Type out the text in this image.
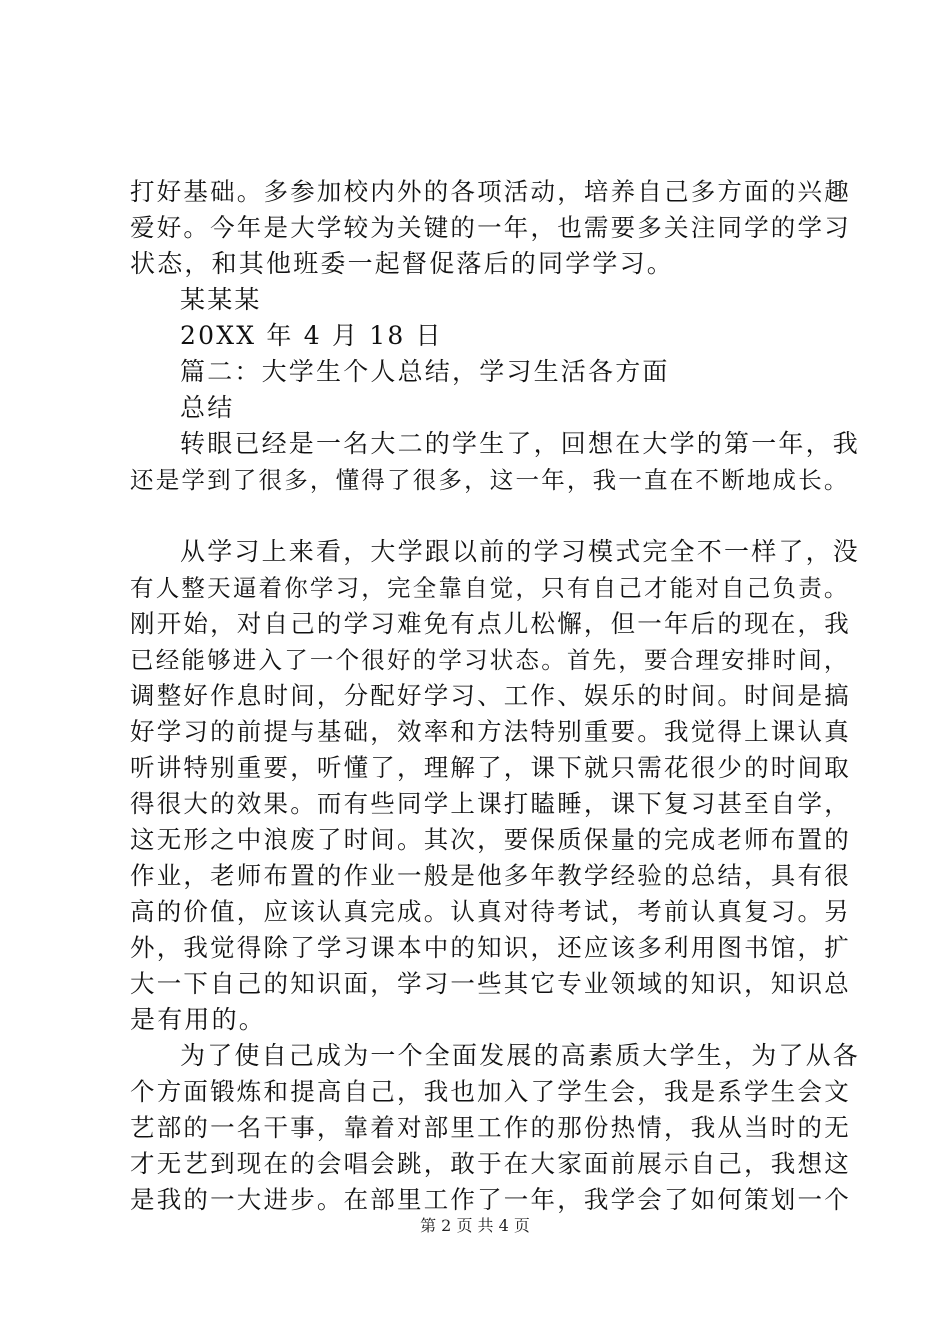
打好基础。多参加校内外的各项活动，培养自己多方面的兴趣
爱好。今年是大学较为关键的一年，也需要多关注同学的学习
状态，和其他班委一起督促落后的同学学习。
某某某
20XX 年 4 月 18 日
篇二：大学生个人总结，学习生活各方面
总结
转眼已经是一名大二的学生了，回想在大学的第一年，我
还是学到了很多，懂得了很多，这一年，我一直在不断地成长。
从学习上来看，大学跟以前的学习模式完全不一样了，没
有人整天逼着你学习，完全靠自觉，只有自己才能对自己负责。
刚开始，对自己的学习难免有点儿松懈，但一年后的现在，我
已经能够进入了一个很好的学习状态。首先，要合理安排时间，
调整好作息时间，分配好学习、工作、娱乐的时间。时间是搞
好学习的前提与基础，效率和方法特别重要。我觉得上课认真
听讲特别重要，听懂了，理解了，课下就只需花很少的时间取
得很大的效果。而有些同学上课打瞌睡，课下复习甚至自学，
这无形之中浪废了时间。其次，要保质保量的完成老师布置的
作业，老师布置的作业一般是他多年教学经验的总结，具有很
高的价值，应该认真完成。认真对待考试，考前认真复习。另
外，我觉得除了学习课本中的知识，还应该多利用图书馆，扩
大一下自己的知识面，学习一些其它专业领域的知识，知识总
是有用的。
为了使自己成为一个全面发展的高素质大学生，为了从各
个方面锻炼和提高自己，我也加入了学生会，我是系学生会文
艺部的一名干事，靠着对部里工作的那份热情，我从当时的无
才无艺到现在的会唱会跳，敢于在大家面前展示自己，我想这
是我的一大进步。在部里工作了一年，我学会了如何策划一个
第 2 页 共 4 页
